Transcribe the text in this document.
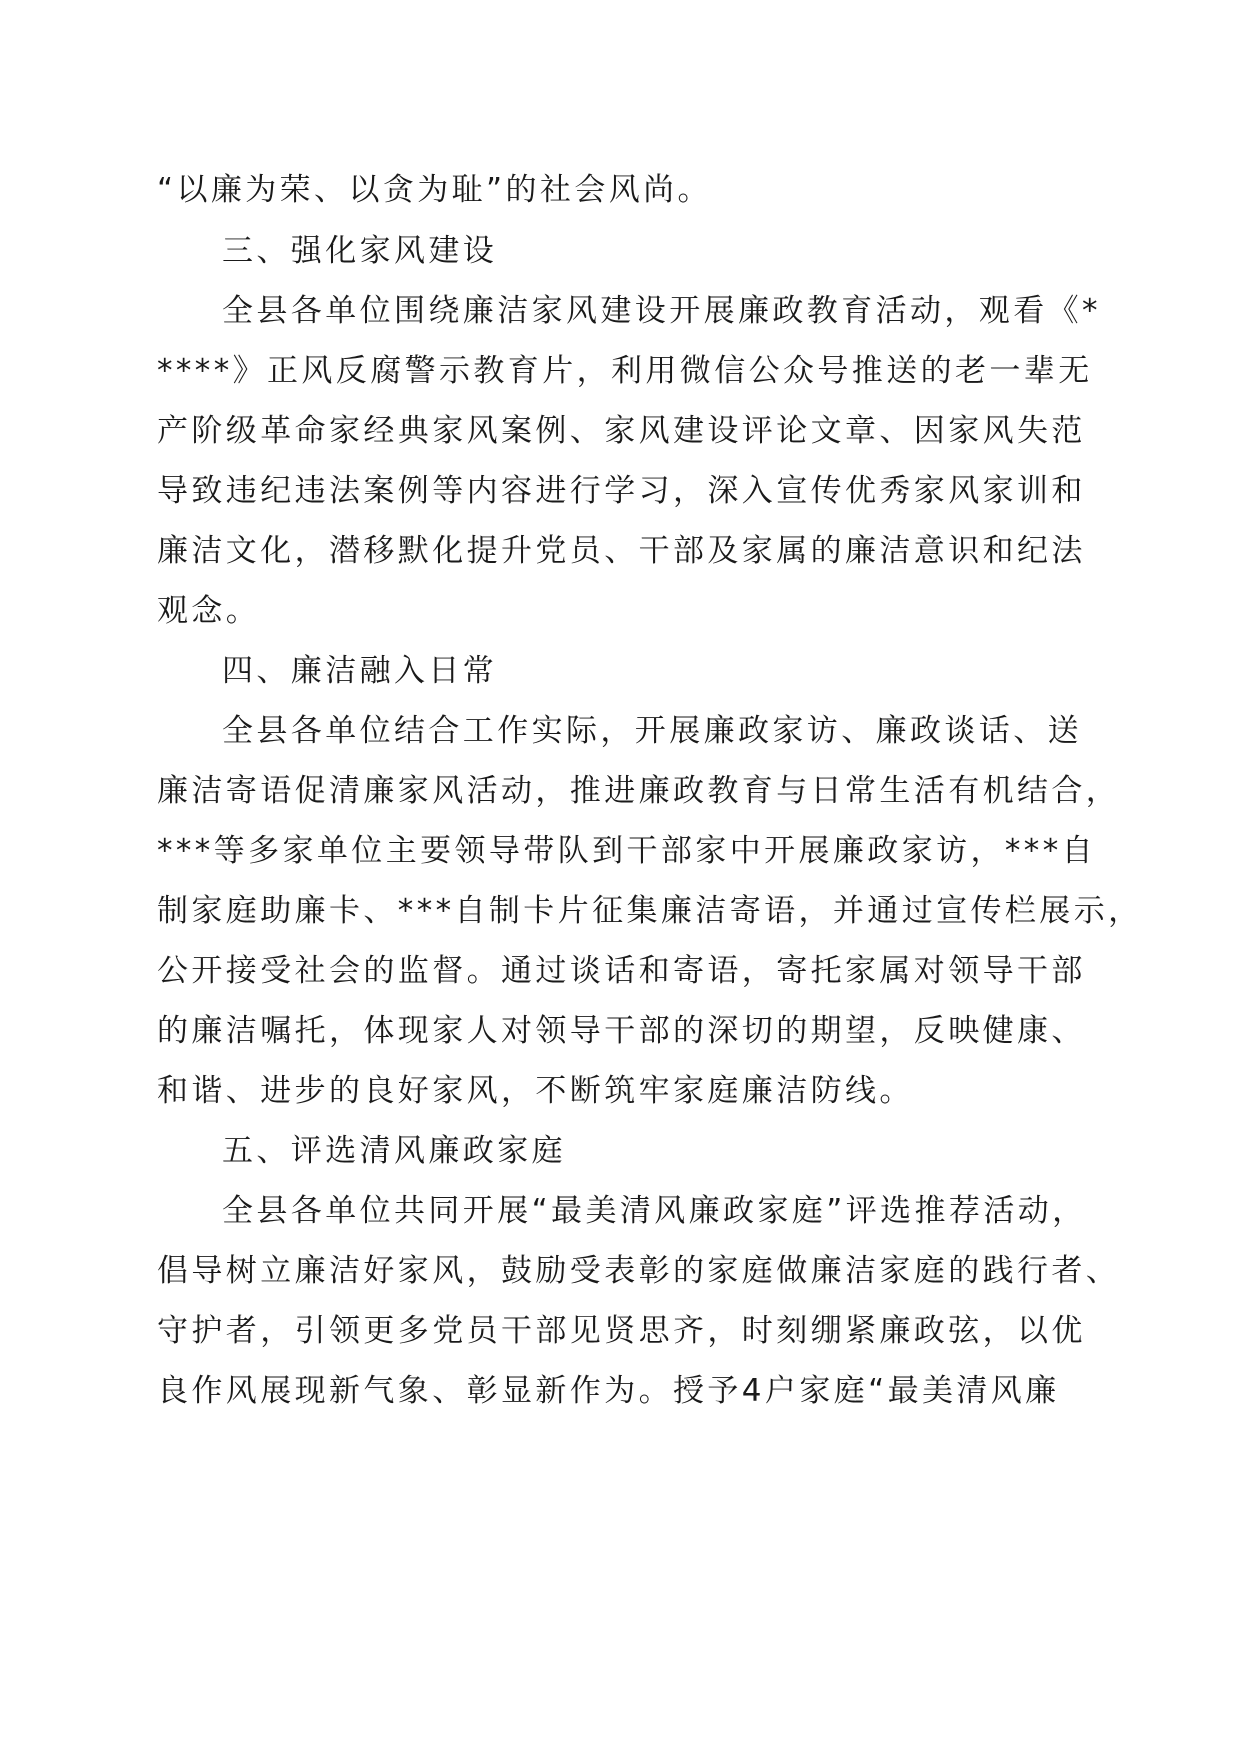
“以廉为荣、以贪为耻”的社会风尚。
三、强化家风建设
全县各单位围绕廉洁家风建设开展廉政教育活动，观看《*
****》正风反腐警示教育片，利用微信公众号推送的老一辈无
产阶级革命家经典家风案例、家风建设评论文章、因家风失范
导致违纪违法案例等内容进行学习，深入宣传优秀家风家训和
廉洁文化，潜移默化提升党员、干部及家属的廉洁意识和纪法
观念。
四、廉洁融入日常
全县各单位结合工作实际，开展廉政家访、廉政谈话、送
廉洁寄语促清廉家风活动，推进廉政教育与日常生活有机结合，
***等多家单位主要领导带队到干部家中开展廉政家访，***自
制家庭助廉卡、***自制卡片征集廉洁寄语，并通过宣传栏展示，
公开接受社会的监督。通过谈话和寄语，寄托家属对领导干部
的廉洁嘱托，体现家人对领导干部的深切的期望，反映健康、
和谐、进步的良好家风，不断筑牢家庭廉洁防线。
五、评选清风廉政家庭
全县各单位共同开展“最美清风廉政家庭”评选推荐活动，
倡导树立廉洁好家风，鼓励受表彰的家庭做廉洁家庭的践行者、
守护者，引领更多党员干部见贤思齐，时刻绷紧廉政弦，以优
良作风展现新气象、彰显新作为。授予4户家庭“最美清风廉
